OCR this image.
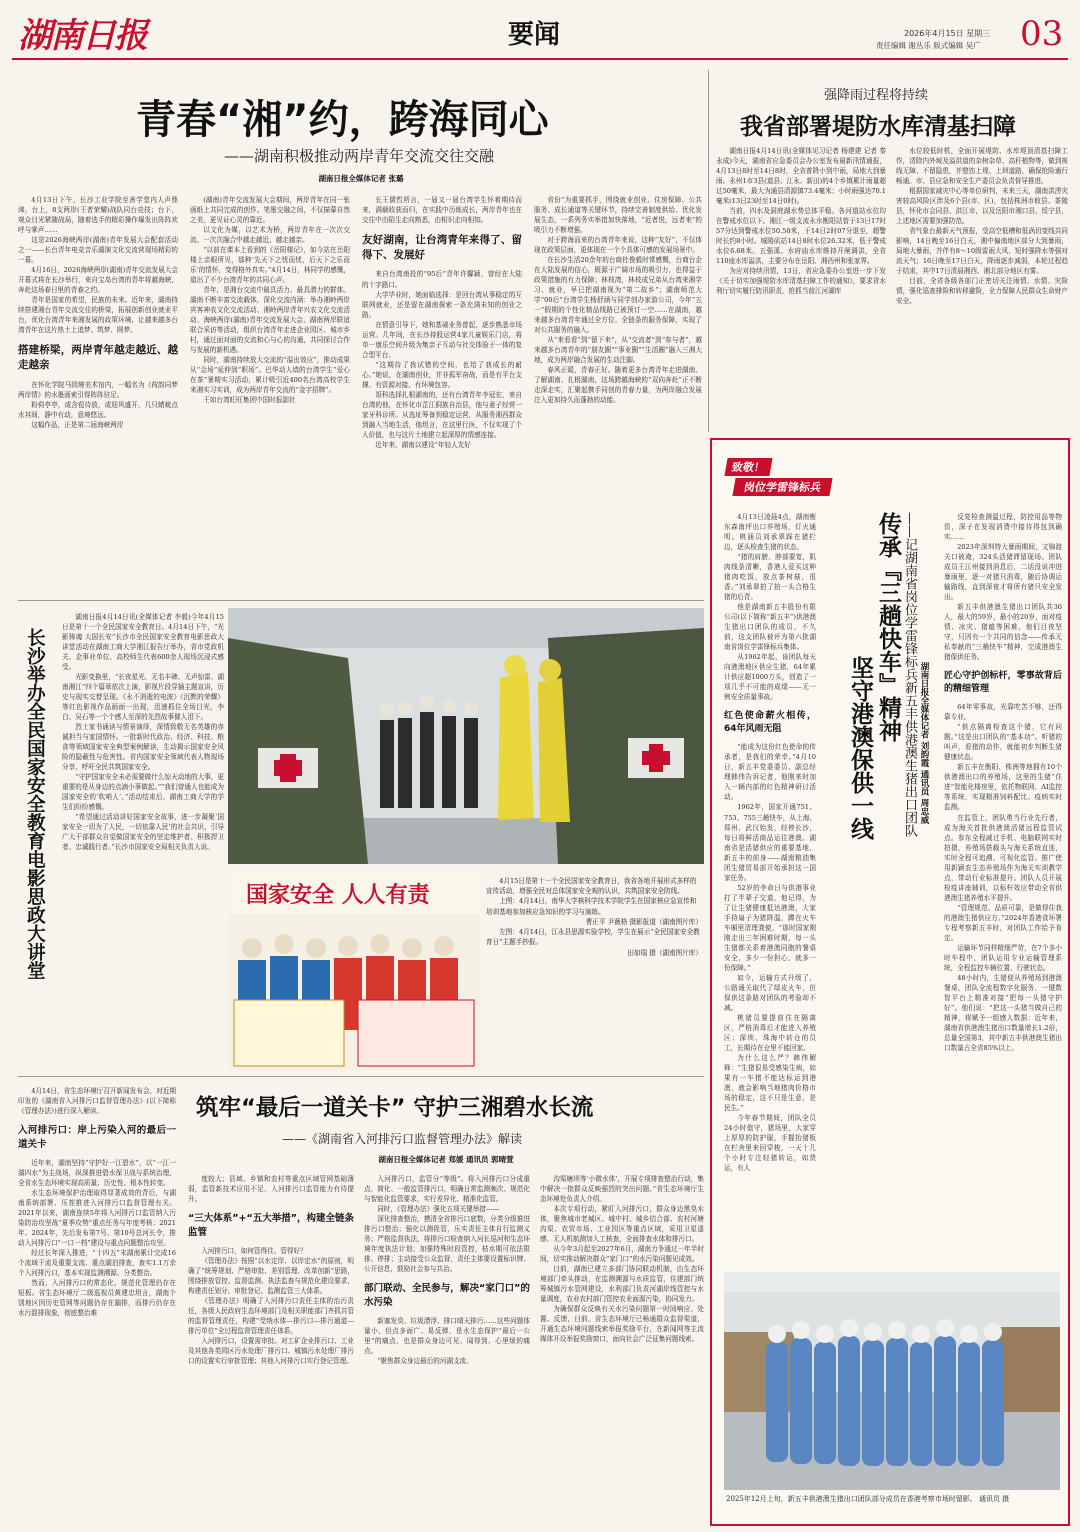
湖南日报	要闻	2026年4月15日 星期三
责任编辑 谢丛乐 版式编辑 吴广 03
青春“湘”约，跨海同心
——湖南积极推动两岸青年交流交往交融
湖南日报全媒体记者 张璐

4月13日下午，长沙工业学院至善学堂内人声鼎沸，台上，8支两岸(王者荣耀)战队同台竞技；台下，观众目光紧随战局，随着选手的精彩操作爆发出阵阵欢呼与掌声……

这是2026海峡两岸(湖南)青年发展大会配套活动之一——长台青年电竞音乐湖演文化交流营现场精彩的一幕。

4月16日，2026海峡两岸(湖南)青年交流发展大会开幕式将在长沙举行，来自宝岛台湾的青年将越海峡，奔赴这场春日里的青春之约。

青年是国家的希望，民族的未来。近年来，湖南持续搭建湘台青年交流交往的桥梁，拓展创新创业就业平台，优化台湾青年来湘发展的政策环境，让越来越多台湾青年在这片热土上追梦、筑梦、圆梦。

搭建桥梁，两岸青年越走越近、越走越亲

在怀化学院马园境美术馆内，一幅名为《荷韵同梦两岸情》的水墨画索引得阵阵驻足。

粉荷亭亭，或含苞待放，或迎风盛开，几只蜻蜓点水其间，静中有动，意境悠远。

这幅作品，正是第二届海峡两岸

(湖南)青年交流发展大会期间，两岸青年在同一张画纸上共同完成的创作。笔墨交融之间，不仅描摹自然之美，更见证心灵的靠近。

以文化为媒，以艺术为桥，两岸青年在一次次交流、一次次融合中越走越近、越走越亲。

“以前在课本上看到的《岳阳楼记》，如今站在岳阳楼上亲眼所见，那种‘先天下之忧而忧，后天下之乐而乐’的情怀，变得格外真实。”4月14日，林同学的感慨，道出了不少台湾青年的共同心声。

青年，是湘台交流中最具活力、最具潜力的群体。湖南不断丰富交流载体，深化交流内涵：举办湘岭两岸宾客神农文化交流活动、湘岭两岸青年兴农文化交流活动、海峡两岸(湖南)青年交流发展大会、湖南两岸联谊联合采访等活动，组织台湾青年走进企业园区、城市乡村，通过面对面的交流和心与心的沟通，共同探讨合作与发展的新机遇。

同时，湖南持续放大交流的“溢出效应”，推动成果从“会场”延伸到“职场”。巴华动人墙的台湾学生“爱心在茶”暑期实习活动，累计吸引近400名台湾高校学生来湘实习实训，成为两岸青年交流的“金字招牌”。

王如台湾旺旺集团中国时报副社

长王儒哲所言，一届又一届台湾学生怀着期待而来，满载收获而归，在实践中历练成长，两岸青年也在交往中由陌生走向熟悉，由相识走向相知。

友好湖南，让台湾青年来得了、留得下、发展好

来自台湾南投的“95后”青年许馨颖，曾经在大陆的十字路口。

大学毕业时，她面临选择：是回台湾从事稳定的互联网就业，还是留在湖南探索一条充满未知的创业之路。

在情意引导下，她和基础业务曾起，逐步熟悉市场运营。几年间，在长沙持股运营4家儿童娱乐门店，将单一康乐空间升级为集亲子互动与社交体验于一体的复合型平台。

“这期待了我试错的空间，也给了我成长的耐心。”她说，在湖南创业，并非孤军奋战，而是有平台支撑、有资源对接、有环境包容。

哥科选择扎根湖南的，还有台湾青年李冠宏，来自台湾的他，在怀化市芷江侗族自治县，他与妻子经营一家牙科诊所。从选址筹备到稳定运营，从服务湘西群众到融入当地生活，他坦言，在这里行医，不仅实现了个人价值，也与这片土地建立起深厚的情感连接。

近年来，湖南以建设“年轻人友好

省份”为重要抓手，围绕就业创业、住房保障、公共服务、成长通道等关键环节，持续完善制度供给、优化发展生态，一系列务实举措加快落地，“近者悦，远者来”的吸引力不断增强。

对于跨海而来的台湾青年来说，这种“友好”，不仅体现在政策层面，更体现在一个个具体可感的发展场景中。

在长沙生活20余年的台商杜俊毅时常感慨，台商台企在大陆发展的信心，既源于广阔市场的吸引力，也得益于政策措施的有力保障；林枝湾，林枝成兄弟从台湾来湘学习、就业，早已把湖南视为“第二故乡”；湖南师范大学“00后”台湾学生杨舒涵与同学创办家游公司，今年“五一”假期的个性化精品线路已被预订一空……在湖南，越来越多台湾青年通过全方位、全链条的服务保障，实现了对公共服务的融入。

从“来看看”到“留下来”，从“交流者”到“参与者”，越来越多台湾青年的“朋友圈”“事业圈”“生活圈”融入三湘大地，成为两岸融合发展的生动注脚。

春风正暖，青春正好。随着更多台湾青年走进湖南、了解湖南、扎根湖南，这场跨越海峡的“双向奔赴”正不断走深走实，汇聚起携手同创的青春力量，为两岸融合发展注入更加持久而蓬勃的动能。

强降雨过程将持续
我省部署堤防水库清基扫障

湖南日报4月14日讯(全媒体见习记者 杨建建 记者 秦永成)今天，湖南省应急委员会办公室发布最新汛情通报，4月13日8时至14日8时，全省普降小到中雨，局地大到暴雨。永州1市3县(道县、江永、新田)的4个乡镇累计雨量超过50毫米，最大为通县清源镇73.4毫米；小时雨强达70.1毫米(13日23时至14日0时)。

当前，四水及洞庭湖水势总体平稳。各河道站水位均在警戒水位以下。湘江一级支流永水衡阳站曾于13日17时57分达到警戒水位50.50米，于14日2时07分退至，超警时长约8小时。城陵矶站14日8时水位26.32米，低于警戒水位6.68米。五强溪、水府庙水库维持开闸调洪，全省110座水库溢洪，主要分布在岳阳、湘西州和张家界。

为应对持续汛情，13日，省应急委办公室进一步下发《关于切实加强堤防水库清基扫障工作的通知》，要求省水利厅切实履行防汛职责，抢抓当前江河湖库

水位较低时机，全面开展堤防、水库堤顶清基扫障工作，清除内外坡及溢洪道的杂树杂草、高秆植物等，做到视线无障、不留隐患，并整饬上堤、上坝道路，确保抢险通行畅通。市、县应急和安全生产委员会负责督导推进。

根据国家减灾中心等单位研判，未来三天，湖南洪涝灾害较高风险区涉及6个县(市、区)，包括株洲市攸县、茶陵县，怀化市会同县、洪江市，以及岳阳市湘口县、绥宁县，上述地区需要加强防范。

省气象台最新天气预报，受高空低槽和低涡切变线共同影响，14日晚至16日白天，湘中偏南地区部分大到暴雨，局地大暴雨，并伴有8～10级雷雨大风、短时强降水等强对流天气；16日晚至17日白天，降雨逐步减弱，本轮过程趋于结束，其中17日清晨湘西、湘北部分地区有雾。

目前，全省各级各部门正密切关注雨情、水情、灾险情，强化巡查排险和转移避险，全力保障人民群众生命财产安全。

致敬！
岗位学雷锋标兵

4月13日凌晨4点，湖南衡东森南坪出口养殖场，灯火通明。桃涌员刘承翠踩在猪栏边，逐头检查生猪的状态。

“猪的肩膀、脖部要宽，肌肉线条清晰，香港人爱买这种猪肉吃饭，放点茶树菇，很香。”刘承翠拍了拍一头合格生猪的后背。

他是湖南新五丰股份有限公司(以下简称“新五丰”)供港澳生猪出口团队的成员，不久前，这支团队被评为第六批湖南省岗位学雷锋标兵集体。

从1962年起，该团队每天向港澳地区供应生猪，64年累计供应超1000万头，创造了一项几乎不可能的成绩——无一例安全质量事故。

红色使命薪火相传，64年风雨无阻

“能成为这份红色使命的传承者，是我们的荣幸。”4月10日，新五丰党委委员、副总经理韩伟告诉记者，他刚来时加入一辆内部的红色精神研讨活动。

1962年，国家开通751、753、755三趟快车，从上海、郑州、武汉始发，经停长沙，每日将鲜活商品运往港澳。湖南省是活猪供应的重要基地，新五丰的前身——湖南粮油集团生猪贸易部开始承担这一国家任务。

52岁的李命日与供港事业打了半辈子交道，他记得，为了让生猪健康抵达港澳，大家手持扇子为猪降温，蹲在火车车厢里清理粪便，“那时国家刚刚走出三年困难时期，每一头生猪都关系着港澳同胞的餐桌安全，多少一份担心，就多一份保障。”

如今，运输方式升级了，公路通关取代了绿皮火车，但保供这条路对团队的考验却不减。

桃猪员要提前住在隔离区，严格消毒后才能进入养殖区；深圳、珠海中转仓的员工，长期待在仓里不能回家。

为什么这么严？韩伟解释：“生猪很易受感染生病，如果有一车猪不能达标运到港澳，就会影响当地猪肉价格市场的稳定，这不只是生意，是民生。”

今年春节期间，团队全员24小时值守，猪场里，大家穿上厚厚的防护服，手握抬猪板在栏舍里来回穿梭，一天十几个小时专注轻猪转运，如货运，有人

传承『三趟快车』精神
坚守港澳保供一线	——记湖南省岗位学雷锋标兵新五丰供港澳生猪出口团队 湖南日报全媒体记者 刘韵霞 通讯员 周忠威

反复检查测温过程，防控用品等物资，深子在发现消费中接待得包到确实……

2023年深圳特大暴雨期间，文锦渡关口被淹，324头活猪滞留现场。团队成员王江州接到消息后，二话没说冲进暴雨里，逐一对猪只消毒，随后协调运输路线，直到深夜才将所有猪只安全发出。

新五丰供港澳生猪出口团队共36人，最大的59岁，最小的20岁，面对疫情、冰灾、猪瘟等困难，他们目夜坚守，只因有一个共同的信念——传承无私奉献的“三趟快车”精神，完成港澳生猪保供任务。

匠心守护创标杆，零事故背后的精细管理

64年零事故，光靠吃苦不够，还得靠专业。

“供点隔离检查这个猪，它有问题。”这是出口团队的“基本功”。听猪的叫声，看猪的动作，就能初步判断生猪健康状态。

新五丰在衡阳、株洲等地拥有10个供港澳出口的养殖场，这里的生猪“住进”智能化楼房里，依托物联网、AI监控等系统，实现精准饲料配比、疫病实时监测。

在监管上，团队勇当行业先行者，成为海关首批供港澳活猪远程监管试点。参东全程减过手机、电脑联网实时拍摄，养殖场搭载头与海关系统直连，实时全程可追溯、可视化监管。推广使用新颖农生态养殖场作为海关实训教学点，带动行业标准提升。团队人员开展检疫讲座辅训，以标杆效应带动全省供港澳生猪养殖水平提升。

“管理规范、品质可靠，是做得住我的港澳生猪供应方。”2024年香港食环署专程考察新五丰时，对团队工作给予肯定。

运输环节同样精细严苛，在7个多小时车程中，团队运用专业运输管理系统，全程监控车辆位置、行驶状态。

48小时内，生猪便从养殖场到港澳餐桌，团队全流程数字化服务、一键数智平台上精准对接“把每一头猪守护好”。他们说：“把这一头猪当做自己的精神，将赋予一组感人数据：近年来，湖南省供港澳生猪出口数量增长1.2倍，总量全国第3，其中新五丰供港澳生猪出口数量占全省85%以上。

2025年12月上旬，新五丰供港澳生猪出口团队部分成员在香港考察市场时留影。 通讯员 摄
长沙举办全民国家安全教育电影思政大讲堂

湖南日报4月14日讯(全媒体记者 李毅)今年4月15日是第十一个全民国家安全教育日。4月14日下午，“光影铸魂 大国长安”长沙市全民国家安全教育电影思政大讲堂活动在湖南工商大学湘江报告厅举办，省市党政机关、企事业单位、高校师生代表600余人现场沉浸式感受。

光影变换里，“长夜星光、无名丰碑、无声惊雷、湖南湘江”四个篇章依次上演，影视片段穿插主题宣讲，历史与现实交替呈现。《永不消逝的电波》《沉默的荣耀》等红色影视作品画面一出现，迅速抓住全场目光，李白、吴石等一个个感人至深的先烈故事催人泪下。

烈士家书诵读与情景演绎，深情致敬无名英雄的赤诚担当与家国情怀。一批新时代政治、经济、科技、粮食等领域国家安全典型案例解读，生动揭示国家安全风险的隐蔽性与危害性。省内国家安全领域代表人物现场分享，呼吁全民共筑国家安全。

“守护国家安全未必需要做什么惊天动地的大事，更重要的是从身边的点滴小事做起。”“我们曾通人也能成为国家安全的‘吹哨人’。”活动结束后，湖南工商大学的学生们纷纷感慨。

“希望通过活动讲好国家安全故事，进一步凝聚‘国家安全一切为了人民，一切依靠人民’的社会共识，引导广大干部群众自觉做国家安全的坚定维护者、积极捍卫者、忠诚践行者。”长沙市国家安全局相关负责人说。

国家安全 人人有责

4月15日是第十一个全民国家安全教育日，我省各地开展形式多样的宣传活动，增强全民对总体国家安全观的认识，共筑国家安全防线。

上图：4月14日，南华大学核科学技术学院学生在国家核应急宣传和培训基地参加核应急知识的学习与演练。

曹正平 尹薇格 摄影报道（湖南图片库）

左图：4月14日，江永县思源实验学校，学生在展示“全民国家安全教育日”主题手抄报。

田如瑞 摄（湖南图片库）

筑牢“最后一道关卡” 守护三湘碧水长流
——《湖南省入河排污口监督管理办法》解读
湖南日报全媒体记者 郑媛 通讯员 郭晴萱

4月14日，省生态环境厅召开新闻发布会，对近期印发的《湖南省入河排污口监督管理办法》(以下简称《管理办法》)进行深入解读。

入河排污口：岸上污染入河的最后一道关卡

近年来，湖南坚持“守护好一江碧水”，以“一江一湖四水”为主战场，纵深推进碧水保卫战与系统治理，全省水生态环境实现高质量、历史性、根本性转变。

水生态环境保护治理取得显著成效的背后，与湖南系统部署、压茬推进入河排污口监督管理有关。2021年以来，湖南连续5年将入河排污口监管纳入污染防治攻坚战“夏季攻势”重点任务与年度考核；2021年、2024年，先后发布第7号、第10号总河长令，推动入河排污口“一口一档”建设与重点问题整治攻坚。

经过长年深入推进，“十四五”末湖南累计完成16个流域干流及重要支流、重点湖泊排查，查实1.1万余个入河排污口，基本实现监测溯源、分类整治。

然而，入河排污口的常态化、规范化管理仍存在短板。省生态环境厅二级巡视员黄建忠坦言，湖南个别地区因历史管网等问题仍存在漏排，而排污仍存在水污混排现象，彻底整治难

度较大；县域、乡镇和农村等重点区域管网基础薄弱，监管新技术应用不足，入河排污口监管能力有待提升。

“三大体系”+“五大举措”，构建全链条监管

入河排污口，如何管得住、管得好？

《管理办法》按照“以水定岸、以岸定水”的原则，明确了“统筹规划、严格审批、差别管理、改革创新”思路，围绕排放管控、监督监测、执法监查与规范化建设要求，构建责任划分、审批登记、监测监管三大体系。

《管理办法》明确了入河排污口责任主体的治污责任，各级人民政府生态环境部门及相关职能部门齐抓共管的监督管理责任，构建“受纳水体—排污口—排污通道—排污单位”全过程监督管理责任体系。

入河排污口，设置需审批。对工矿企业排污口、工业及其他各类园区污水处理厂排污口、城镇污水处理厂排污口的设置实行审批管理；其他入河排污口实行登记管理。

入河排污口，监管分“等级”。将入河排污口分成重点、简化、一般监管排污口，明确日常监测频次、规范化与智能化监管要求，实行差异化、精准化监管。

同时，《管理办法》强化五项关键举措——

深化排查整治，摸清全省排污口底数，分类分级推进排污口整治；强化以测促管，压实责任主体自行监测义务；严格监督执法，将排污口检查纳入河长巡河和生态环境年度执法计划；加强特殊时段管控，枯水期可依法限排、停排；主动接受公众监督，责任主体要设置标识牌、公开信息，鼓励社会参与共治。

部门联动、全民参与，解决“家门口”的水污染

新塞发臭、垃圾漂浮、排口晴天排污……这些问题体量小、但点多面广、易反弹，是水生态保护“最后一公里”的痛点，也是群众身边可见、闻得到、心里烦的痛点。

“聚焦群众身边最后的河湖支流、

沟渠塘坝等‘小微水体’，开展专项排查整治行动，集中解决一批群众反映强烈的突出问题。”省生态环境厅生态环境处负责人介绍。

本次专项行动，紧盯入河排污口，群众身边黑臭水体，聚焦城市老城区、城中村、城乡结合部、农村河塘沟渠、农贸市场、工业园区等重点区域，采用卫星遥感、无人机航测加入工核查，全面排查水体和排污口。

从今年3月起至2027年6月，湖南力争通过一年半时间，切实推动解决群众“家门口”的水污染问题见成效。

目前，湖南已建立多部门协同联动机制，由生态环境部门牵头推动，在监测溯源与水质监管，住建部门统筹城镇污水管网建设，水利部门负责河湖岸线管控与水量调度，农业农村部门管控农业面源污染，协同发力。

为确保群众反映有关水污染问题第一时间响应、处置、反馈，目前，省生态环境厅已畅通群众监督渠道，开通生态环境问题线索举报奖励平台，在新闻网等主流媒体开设举报奖励窗口，面向社会广泛征集问题线索。
